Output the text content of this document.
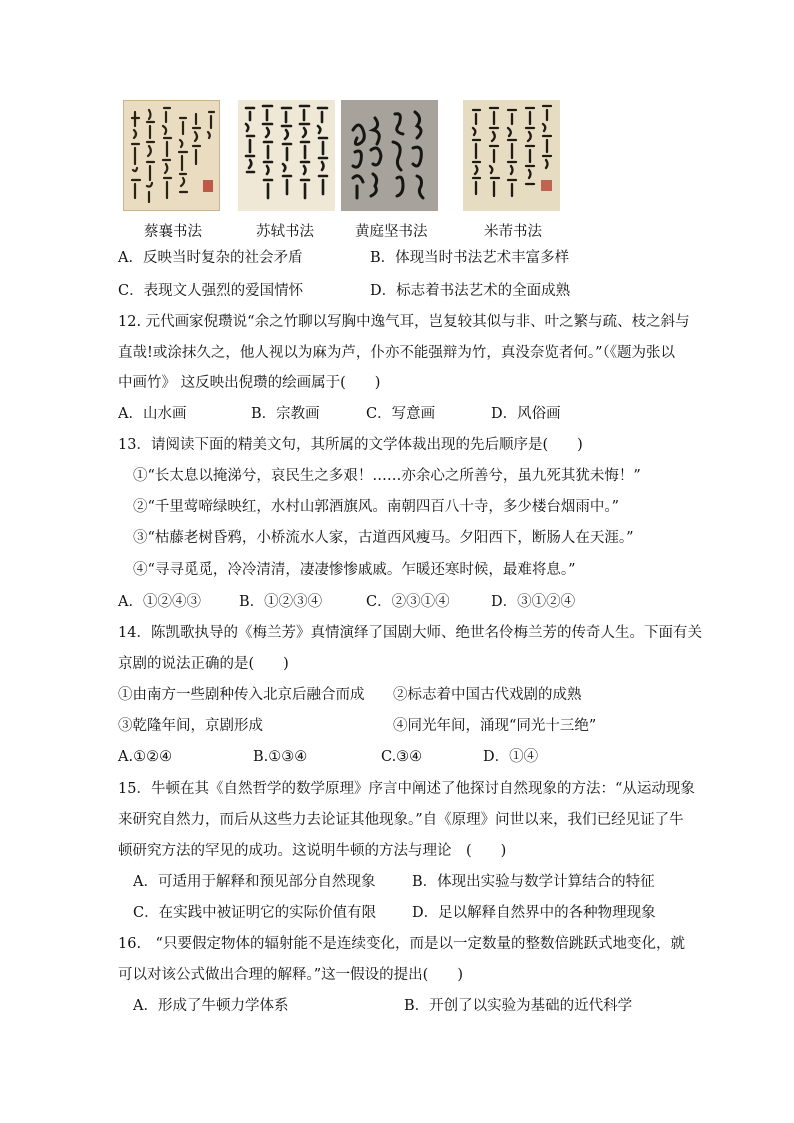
蔡襄书法	苏轼书法	黄庭坚书法	米芾书法
A．反映当时复杂的社会矛盾	B．体现当时书法艺术丰富多样
C．表现文人强烈的爱国情怀	D．标志着书法艺术的全面成熟
12. 元代画家倪瓒说“余之竹聊以写胸中逸气耳，岂复较其似与非、叶之繁与疏、枝之斜与
直哉!或涂抹久之，他人视以为麻为芦，仆亦不能强辩为竹，真没奈览者何。”（《题为张以
中画竹》 这反映出倪瓒的绘画属于(　　)
A．山水画	B．宗教画	C．写意画	D．风俗画
13．请阅读下面的精美文句，其所属的文学体裁出现的先后顺序是(　　)
①“长太息以掩涕兮，哀民生之多艰！……亦余心之所善兮，虽九死其犹未悔！”
②“千里莺啼绿映红，水村山郭酒旗风。南朝四百八十寺，多少楼台烟雨中。”
③“枯藤老树昏鸦，小桥流水人家，古道西风瘦马。夕阳西下，断肠人在天涯。”
④“寻寻觅觅，冷冷清清，凄凄惨惨戚戚。乍暖还寒时候，最难将息。”
A．①②④③	B．①②③④	C．②③①④	D．③①②④
14．陈凯歌执导的《梅兰芳》真情演绎了国剧大师、绝世名伶梅兰芳的传奇人生。下面有关
京剧的说法正确的是(　　)
①由南方一些剧种传入北京后融合而成 ②标志着中国古代戏剧的成熟
③乾隆年间，京剧形成	④同光年间，涌现“同光十三绝”
A.①②④	B.①③④	C.③④	D．①④
15．牛顿在其《自然哲学的数学原理》序言中阐述了他探讨自然现象的方法：“从运动现象
来研究自然力，而后从这些力去论证其他现象。”自《原理》问世以来，我们已经见证了牛
顿研究方法的罕见的成功。这说明牛顿的方法与理论　(　　)
A．可适用于解释和预见部分自然现象	B．体现出实验与数学计算结合的特征
C．在实践中被证明它的实际价值有限 D．足以解释自然界中的各种物理现象
16.　“只要假定物体的辐射能不是连续变化，而是以一定数量的整数倍跳跃式地变化，就
可以对该公式做出合理的解释。”这一假设的提出(　　)
A．形成了牛顿力学体系	B．开创了以实验为基础的近代科学
